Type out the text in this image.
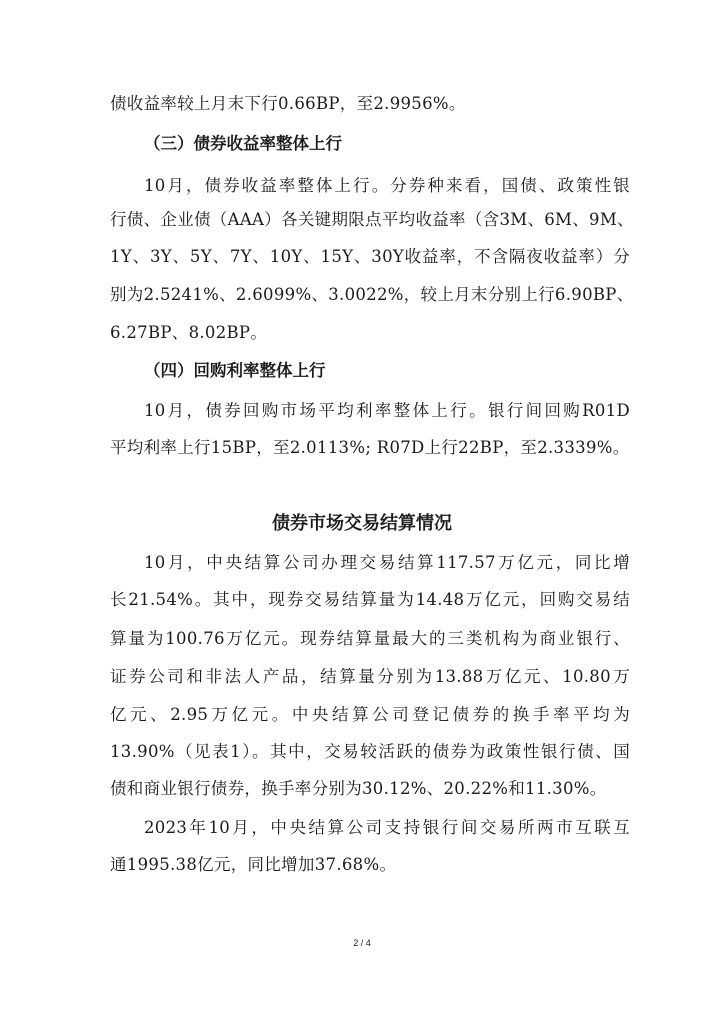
债收益率较上月末下行0.66BP，至2.9956%。
（三）债券收益率整体上行
10月，债券收益率整体上行。分券种来看，国债、政策性银
行债、企业债（AAA）各关键期限点平均收益率（含3M、6M、9M、
1Y、3Y、5Y、7Y、10Y、15Y、30Y收益率，不含隔夜收益率）分
别为2.5241%、2.6099%、3.0022%，较上月末分别上行6.90BP、
6.27BP、8.02BP。
（四）回购利率整体上行
10月，债券回购市场平均利率整体上行。银行间回购R01D
平均利率上行15BP，至2.0113%; R07D上行22BP，至2.3339%。
债券市场交易结算情况
10月，中央结算公司办理交易结算117.57万亿元，同比增
长21.54%。其中，现券交易结算量为14.48万亿元，回购交易结
算量为100.76万亿元。现券结算量最大的三类机构为商业银行、
证券公司和非法人产品，结算量分别为13.88万亿元、10.80万
亿元、2.95万亿元。中央结算公司登记债券的换手率平均为
13.90%（见表1）。其中，交易较活跃的债券为政策性银行债、国
债和商业银行债券，换手率分别为30.12%、20.22%和11.30%。
2023年10月，中央结算公司支持银行间交易所两市互联互
通1995.38亿元，同比增加37.68%。
2 / 4
